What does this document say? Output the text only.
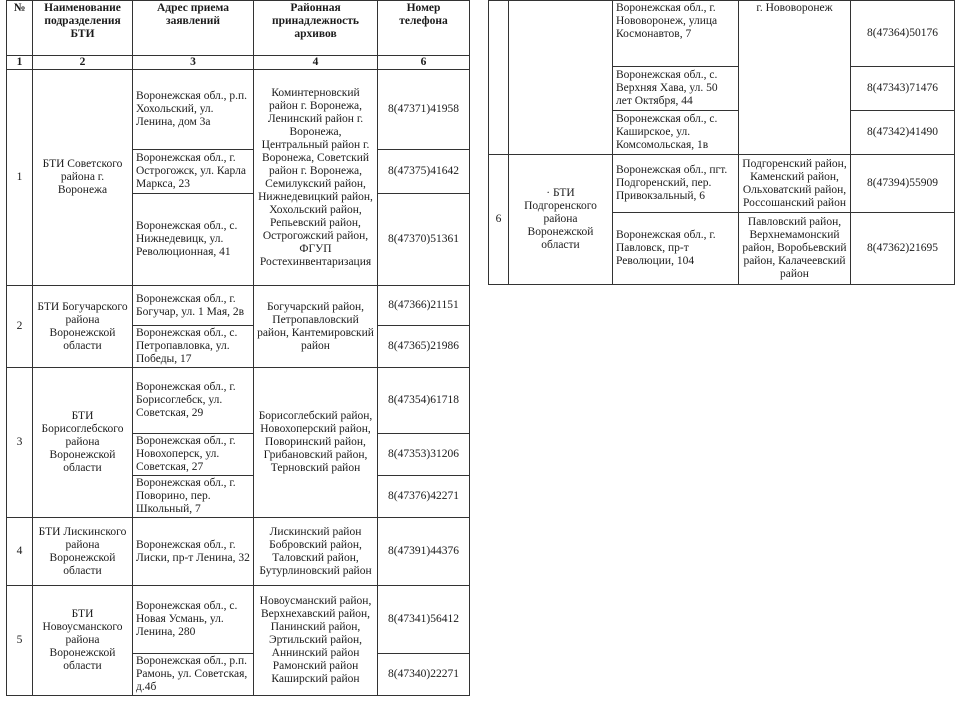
№	Наименование подразделения БТИ	Адрес приема заявлений	Районная принадлежность архивов	Номер телефона
1	2	3	4	6
1	БТИ Советского района г. Воронежа	Воронежская обл., р.п. Хохольский, ул. Ленина, дом 3а	Коминтерновский район г. Воронежа, Ленинский район г. Воронежа, Центральный район г. Воронежа, Советский район г. Воронежа, Семилукский район, Нижнедевицкий район, Хохольский район, Репьевский район, Острогожский район, ФГУП Ростехинвентаризация	8(47371)41958
		Воронежская обл., г. Острогожск, ул. Карла Маркса, 23		8(47375)41642
		Воронежская обл., с. Нижнедевицк, ул. Революционная, 41		8(47370)51361
2	БТИ Богучарского района Воронежской области	Воронежская обл., г. Богучар, ул. 1 Мая, 2в	Богучарский район, Петропавловский район, Кантемировский район	8(47366)21151
		Воронежская обл., с. Петропавловка, ул. Победы, 17		8(47365)21986
3	БТИ Борисоглебского района Воронежской области	Воронежская обл., г. Борисоглебск, ул. Советская, 29	Борисоглебский район, Новохоперский район, Поворинский район, Грибановский район, Терновский район	8(47354)61718
		Воронежская обл., г. Новохоперск, ул. Советская, 27		8(47353)31206
		Воронежская обл., г. Поворино, пер. Школьный, 7		8(47376)42271
4	БТИ Лискинского района Воронежской области	Воронежская обл., г. Лиски, пр-т Ленина, 32	Лискинский район Бобровский район, Таловский район, Бутурлиновский район	8(47391)44376
5	БТИ Новоусманского района Воронежской области	Воронежская обл., с. Новая Усмань, ул. Ленина, 280	Новоусманский район, Верхнехавский район, Панинский район, Эртильский район, Аннинский район Рамонский район Каширский район	8(47341)56412
		Воронежская обл., р.п. Рамонь, ул. Советская, д.4б		8(47340)22271
		Воронежская обл., г. Нововоронеж, улица Космонавтов, 7	г. Нововоронеж	8(47364)50176
		Воронежская обл., с. Верхняя Хава, ул. 50 лет Октября, 44		8(47343)71476
		Воронежская обл., с. Каширское, ул. Комсомольская, 1в		8(47342)41490
6	· БТИ Подгоренского района Воронежской области	Воронежская обл., пгт. Подгоренский, пер. Привокзальный, 6	Подгоренский район, Каменский район, Ольховатский район, Россошанский район	8(47394)55909
		Воронежская обл., г. Павловск, пр-т Революции, 104	Павловский район, Верхнемамонский район, Воробьевский район, Калачеевский район	8(47362)21695
